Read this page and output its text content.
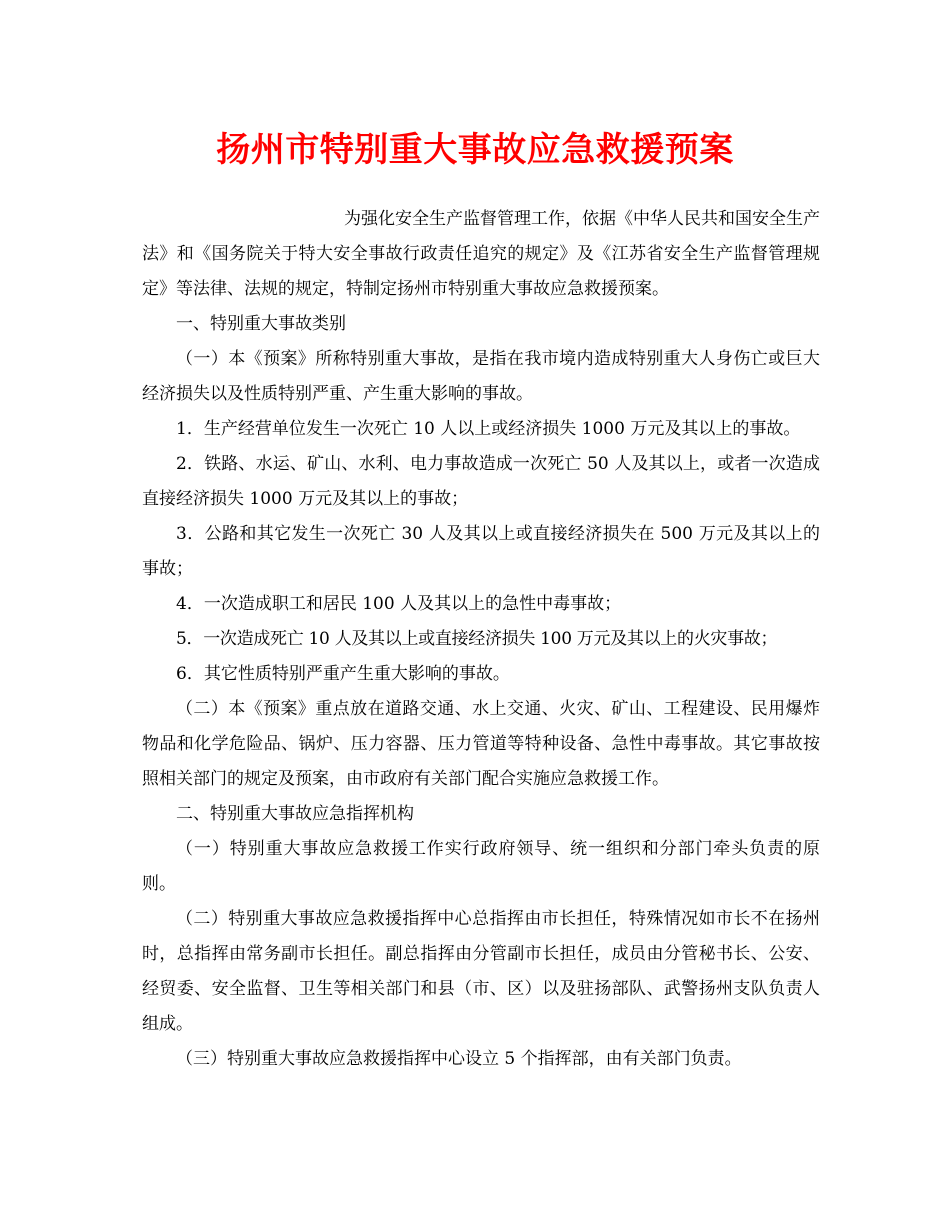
扬州市特别重大事故应急救援预案

为强化安全生产监督管理工作，依据《中华人民共和国安全生产法》和《国务院关于特大安全事故行政责任追究的规定》及《江苏省安全生产监督管理规定》等法律、法规的规定，特制定扬州市特别重大事故应急救援预案。

一、特别重大事故类别

（一）本《预案》所称特别重大事故，是指在我市境内造成特别重大人身伤亡或巨大经济损失以及性质特别严重、产生重大影响的事故。

1．生产经营单位发生一次死亡 10 人以上或经济损失 1000 万元及其以上的事故。

2．铁路、水运、矿山、水利、电力事故造成一次死亡 50 人及其以上，或者一次造成直接经济损失 1000 万元及其以上的事故；

3．公路和其它发生一次死亡 30 人及其以上或直接经济损失在 500 万元及其以上的事故；

4．一次造成职工和居民 100 人及其以上的急性中毒事故；

5．一次造成死亡 10 人及其以上或直接经济损失 100 万元及其以上的火灾事故；

6．其它性质特别严重产生重大影响的事故。

（二）本《预案》重点放在道路交通、水上交通、火灾、矿山、工程建设、民用爆炸物品和化学危险品、锅炉、压力容器、压力管道等特种设备、急性中毒事故。其它事故按照相关部门的规定及预案，由市政府有关部门配合实施应急救援工作。

二、特别重大事故应急指挥机构

（一）特别重大事故应急救援工作实行政府领导、统一组织和分部门牵头负责的原则。

（二）特别重大事故应急救援指挥中心总指挥由市长担任，特殊情况如市长不在扬州时，总指挥由常务副市长担任。副总指挥由分管副市长担任，成员由分管秘书长、公安、经贸委、安全监督、卫生等相关部门和县（市、区）以及驻扬部队、武警扬州支队负责人组成。

（三）特别重大事故应急救援指挥中心设立 5 个指挥部，由有关部门负责。
